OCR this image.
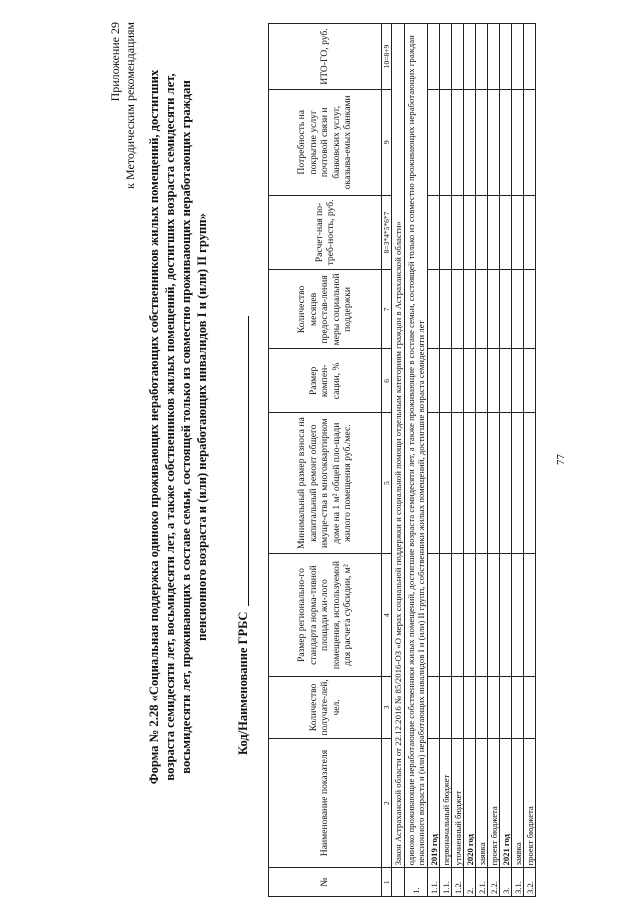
77
Приложение 29 к Методическим рекомендациям Форма № 2.28 «Социальная поддержка одиноко проживающих неработающих собственников жилых помещений, достигших возраста семидесяти лет, восьмидесяти лет, а также собственников жилых помещений, достигших возраста семидесяти лет, восьмидесяти лет, проживающих в составе семьи, состоящей только из совместно проживающих неработающих граждан пенсионного возраста и (или) неработающих инвалидов I и (или) II групп»
Код/Наименование ГРБС
№	Наименование показателя	Количество получате-лей, чел.	Размер регионально-го стандарта норма-тивной площади жи-лого помещения, используемой для расчета субсидии, м²	Минимальный размер взноса на капитальный ремонт общего имуще-ства в многоквартирном доме на 1 м² общей пло-щади жилого помещения руб./мес.	Размер компен-сации, %	Количество месяцев предостав-ления меры социальной поддержки	Расчет-ная по-треб-ность, руб.	Потребность на покрытие услуг почтовой связи и банковских услуг, оказыва-емых банками	ИТО-ГО, руб.
1	2	3	4	5	6	7	8=3*4*5*6*7	9	10=8+9
	Закон Астраханской области от 22.12.2016 № 85/2016-ОЗ «О мерах социальной поддержки и социальной помощи отдельным категориям граждан в Астраханской области»								
1.	одиноко проживающие неработающие собственники жилых помещений, достигшие возраста семидесяти лет, а также проживающие в составе семьи, состоящей только из совместно проживающих неработающих граждан пенсионного возраста и (или) неработающих инвалидов I и (или) II групп, собственники жилых помещений, достигшие возраста семидесяти лет								
1.1.	2019 год								
1.1.	первоначальный бюджет								
1.2.	уточненный бюджет								
2.	2020 год								
2.1.	заявка								
2.2.	проект бюджета								
3.	2021 год								
3.1.	заявка								
3.2.	проект бюджета								
